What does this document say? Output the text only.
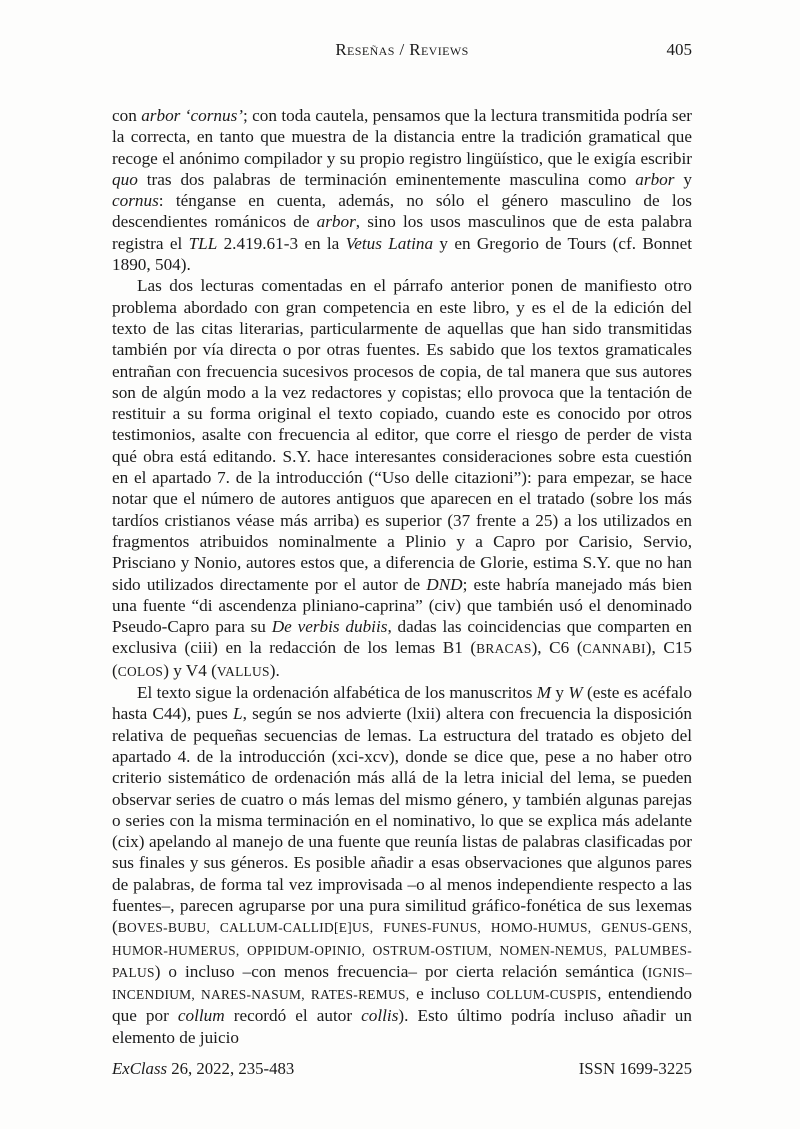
Reseñas / Reviews	405

con arbor ‘cornus’; con toda cautela, pensamos que la lectura transmitida podría ser la correcta, en tanto que muestra de la distancia entre la tradición gramatical que recoge el anónimo compilador y su propio registro lingüístico, que le exigía escribir quo tras dos palabras de terminación eminentemente masculina como arbor y cornus: ténganse en cuenta, además, no sólo el género masculino de los descendientes románicos de arbor, sino los usos masculinos que de esta palabra registra el TLL 2.419.61-3 en la Vetus Latina y en Gregorio de Tours (cf. Bonnet 1890, 504).

Las dos lecturas comentadas en el párrafo anterior ponen de manifiesto otro problema abordado con gran competencia en este libro, y es el de la edición del texto de las citas literarias, particularmente de aquellas que han sido transmitidas también por vía directa o por otras fuentes. Es sabido que los textos gramaticales entrañan con frecuencia sucesivos procesos de copia, de tal manera que sus autores son de algún modo a la vez redactores y copistas; ello provoca que la tentación de restituir a su forma original el texto copiado, cuando este es conocido por otros testimonios, asalte con frecuencia al editor, que corre el riesgo de perder de vista qué obra está editando. S.Y. hace interesantes consideraciones sobre esta cuestión en el apartado 7. de la introducción (“Uso delle citazioni”): para empezar, se hace notar que el número de autores antiguos que aparecen en el tratado (sobre los más tardíos cristianos véase más arriba) es superior (37 frente a 25) a los utilizados en fragmentos atribuidos nominalmente a Plinio y a Capro por Carisio, Servio, Prisciano y Nonio, autores estos que, a diferencia de Glorie, estima S.Y. que no han sido utilizados directamente por el autor de DND; este habría manejado más bien una fuente “di ascendenza pliniano-caprina” (civ) que también usó el denominado Pseudo-Capro para su De verbis dubiis, dadas las coincidencias que comparten en exclusiva (ciii) en la redacción de los lemas B1 (BRACAS), C6 (CANNABI), C15 (COLOS) y V4 (VALLUS).

El texto sigue la ordenación alfabética de los manuscritos M y W (este es acéfalo hasta C44), pues L, según se nos advierte (lxii) altera con frecuencia la disposición relativa de pequeñas secuencias de lemas. La estructura del tratado es objeto del apartado 4. de la introducción (xci-xcv), donde se dice que, pese a no haber otro criterio sistemático de ordenación más allá de la letra inicial del lema, se pueden observar series de cuatro o más lemas del mismo género, y también algunas parejas o series con la misma terminación en el nominativo, lo que se explica más adelante (cix) apelando al manejo de una fuente que reunía listas de palabras clasificadas por sus finales y sus géneros. Es posible añadir a esas observaciones que algunos pares de palabras, de forma tal vez improvisada –o al menos independiente respecto a las fuentes–, parecen agruparse por una pura similitud gráfico-fonética de sus lexemas (BOVES-BUBU, CALLUM-CALLID[E]US, FUNES-FUNUS, HOMO-HUMUS, GENUS-GENS, HUMOR-HUMERUS, OPPIDUM-OPINIO, OSTRUM-OSTIUM, NOMEN-NEMUS, PALUMBES-PALUS) o incluso –con menos frecuencia– por cierta relación semántica (IGNIS–INCENDIUM, NARES-NASUM, RATES-REMUS, e incluso COLLUM-CUSPIS, entendiendo que por collum recordó el autor collis). Esto último podría incluso añadir un elemento de juicio

ExClass 26, 2022, 235-483	ISSN 1699-3225
